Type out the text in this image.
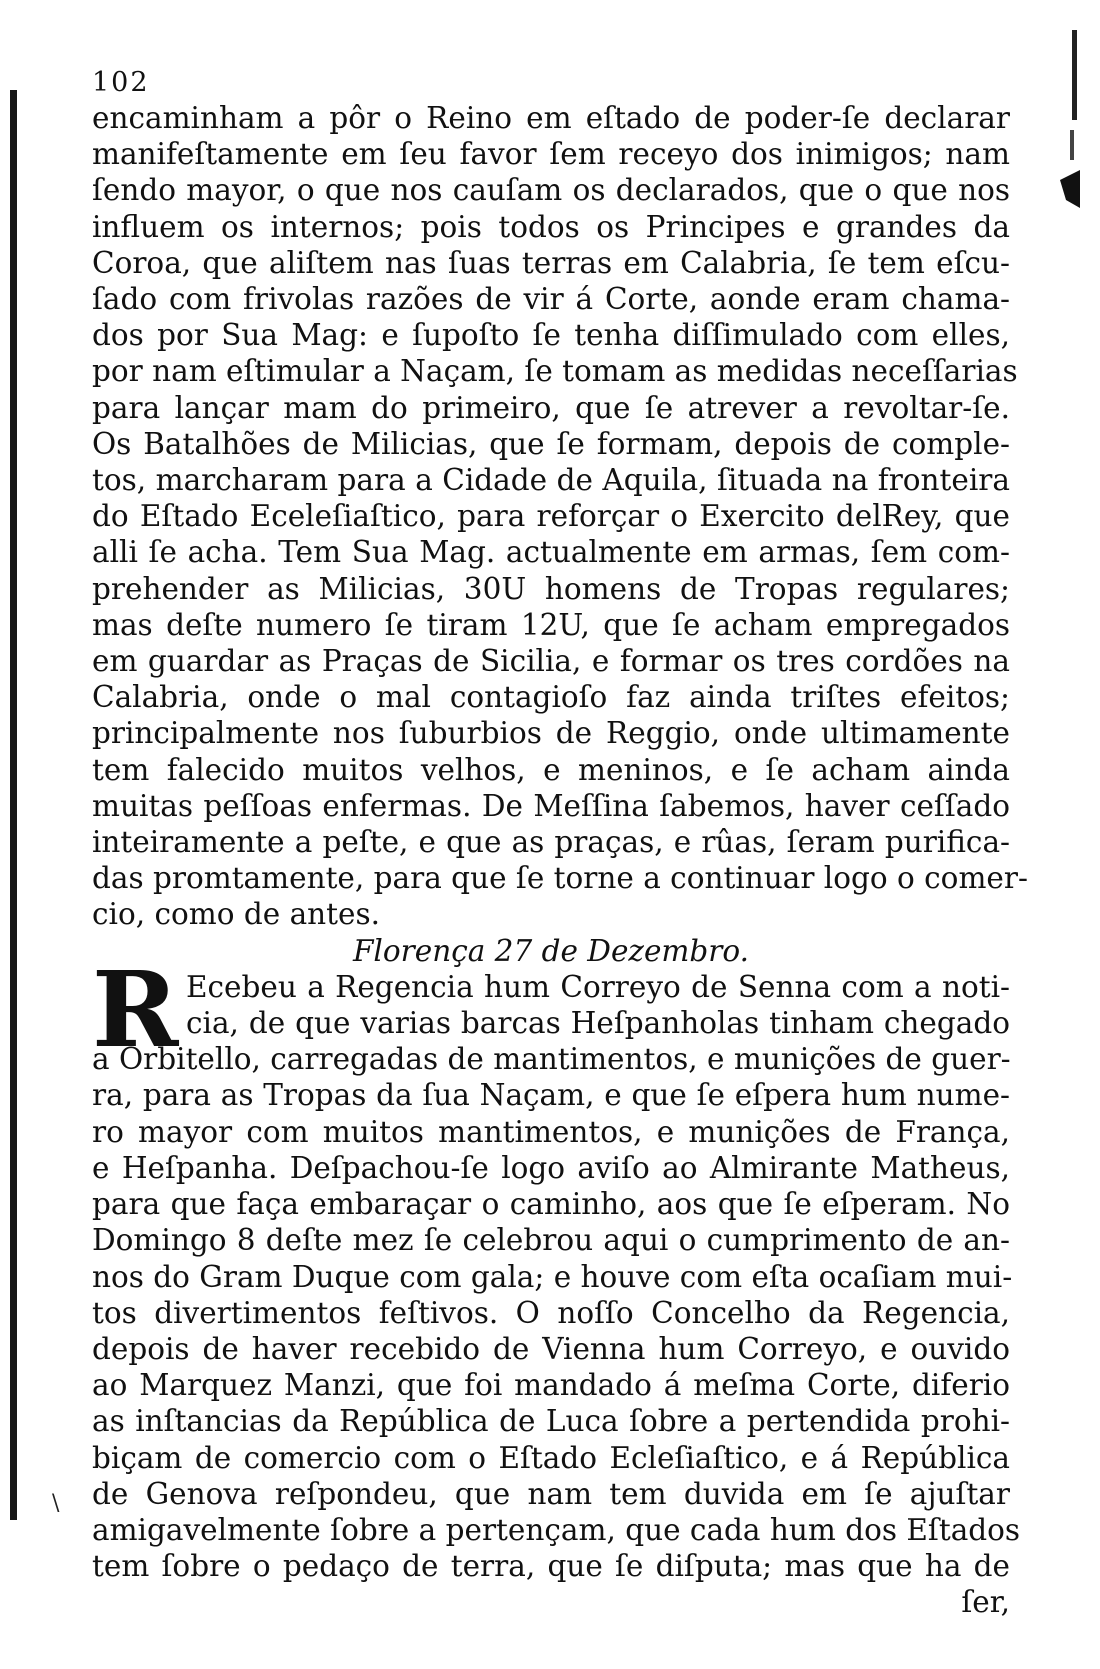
\
102
encaminham a pôr o Reino em eſtado de poder-ſe declarar
manifeſtamente em ſeu favor ſem receyo dos inimigos; nam
ſendo mayor, o que nos cauſam os declarados, que o que nos
influem os internos; pois todos os Principes e grandes da
Coroa, que aliſtem nas ſuas terras em Calabria, ſe tem eſcu-
ſado com frivolas razões de vir á Corte, aonde eram chama-
dos por Sua Mag: e ſupoſto ſe tenha diſſimulado com elles,
por nam eſtimular a Naçam, ſe tomam as medidas neceſſarias
para lançar mam do primeiro, que ſe atrever a revoltar-ſe.
Os Batalhões de Milicias, que ſe formam, depois de comple-
tos, marcharam para a Cidade de Aquila, ſituada na fronteira
do Eſtado Eceleſiaſtico, para reforçar o Exercito delRey, que
alli ſe acha. Tem Sua Mag. actualmente em armas, ſem com-
prehender as Milicias, 30U homens de Tropas regulares;
mas deſte numero ſe tiram 12U, que ſe acham empregados
em guardar as Praças de Sicilia, e formar os tres cordões na
Calabria, onde o mal contagioſo faz ainda triſtes efeitos;
principalmente nos ſuburbios de Reggio, onde ultimamente
tem falecido muitos velhos, e meninos, e ſe acham ainda
muitas peſſoas enfermas. De Meſſina ſabemos, haver ceſſado
inteiramente a peſte, e que as praças, e rûas, ſeram purifica-
das promtamente, para que ſe torne a continuar logo o comer-
cio, como de antes.
Florença 27 de Dezembro.
R Ecebeu a Regencia hum Correyo de Senna com a noti-
cia, de que varias barcas Heſpanholas tinham chegado
a Orbitello, carregadas de mantimentos, e munições de guer-
ra, para as Tropas da ſua Naçam, e que ſe eſpera hum nume-
ro mayor com muitos mantimentos, e munições de França,
e Heſpanha. Deſpachou-ſe logo aviſo ao Almirante Matheus,
para que faça embaraçar o caminho, aos que ſe eſperam. No
Domingo 8 deſte mez ſe celebrou aqui o cumprimento de an-
nos do Gram Duque com gala; e houve com eſta ocaſiam mui-
tos divertimentos feſtivos. O noſſo Concelho da Regencia,
depois de haver recebido de Vienna hum Correyo, e ouvido
ao Marquez Manzi, que foi mandado á meſma Corte, diferio
as inſtancias da República de Luca ſobre a pertendida prohi-
biçam de comercio com o Eſtado Ecleſiaſtico, e á República
de Genova reſpondeu, que nam tem duvida em ſe ajuſtar
amigavelmente ſobre a pertençam, que cada hum dos Eſtados
tem ſobre o pedaço de terra, que ſe diſputa; mas que ha de
ſer,
